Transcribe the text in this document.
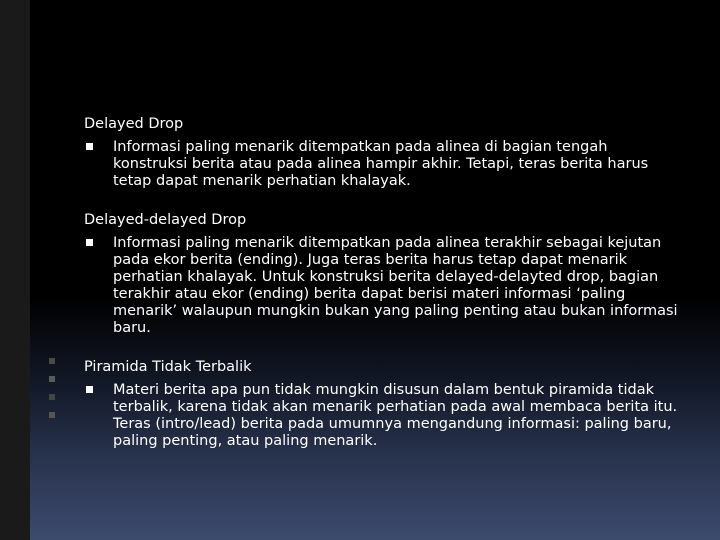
Delayed Drop
Informasi paling menarik ditempatkan pada alinea di bagian tengah konstruksi berita atau pada alinea hampir akhir. Tetapi, teras berita harus tetap dapat menarik perhatian khalayak.
Delayed-delayed Drop
Informasi paling menarik ditempatkan pada alinea terakhir sebagai kejutan pada ekor berita (ending). Juga teras berita harus tetap dapat menarik perhatian khalayak. Untuk konstruksi berita delayed-delayted drop, bagian terakhir atau ekor (ending) berita dapat berisi materi informasi ‘paling menarik’ walaupun mungkin bukan yang paling penting atau bukan informasi baru.
Piramida Tidak Terbalik
Materi berita apa pun tidak mungkin disusun dalam bentuk piramida tidak terbalik, karena tidak akan menarik perhatian pada awal membaca berita itu. Teras (intro/lead) berita pada umumnya mengandung informasi: paling baru, paling penting, atau paling menarik.
